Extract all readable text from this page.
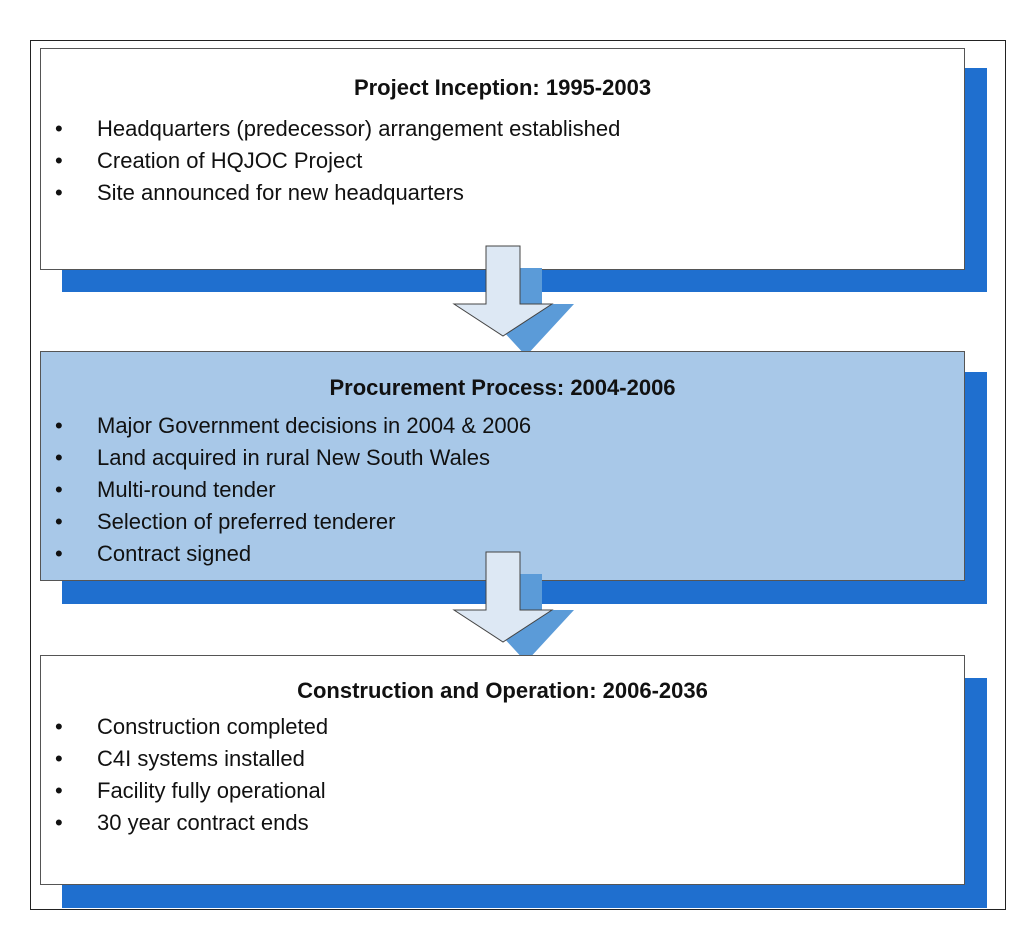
Project Inception: 1995-2003
• Headquarters (predecessor) arrangement established
• Creation of HQJOC Project
• Site announced for new headquarters
Procurement Process: 2004-2006
• Major Government decisions in 2004 & 2006
• Land acquired in rural New South Wales
• Multi-round tender
• Selection of preferred tenderer
• Contract signed
Construction and Operation: 2006-2036
• Construction completed
• C4I systems installed
• Facility fully operational
• 30 year contract ends
